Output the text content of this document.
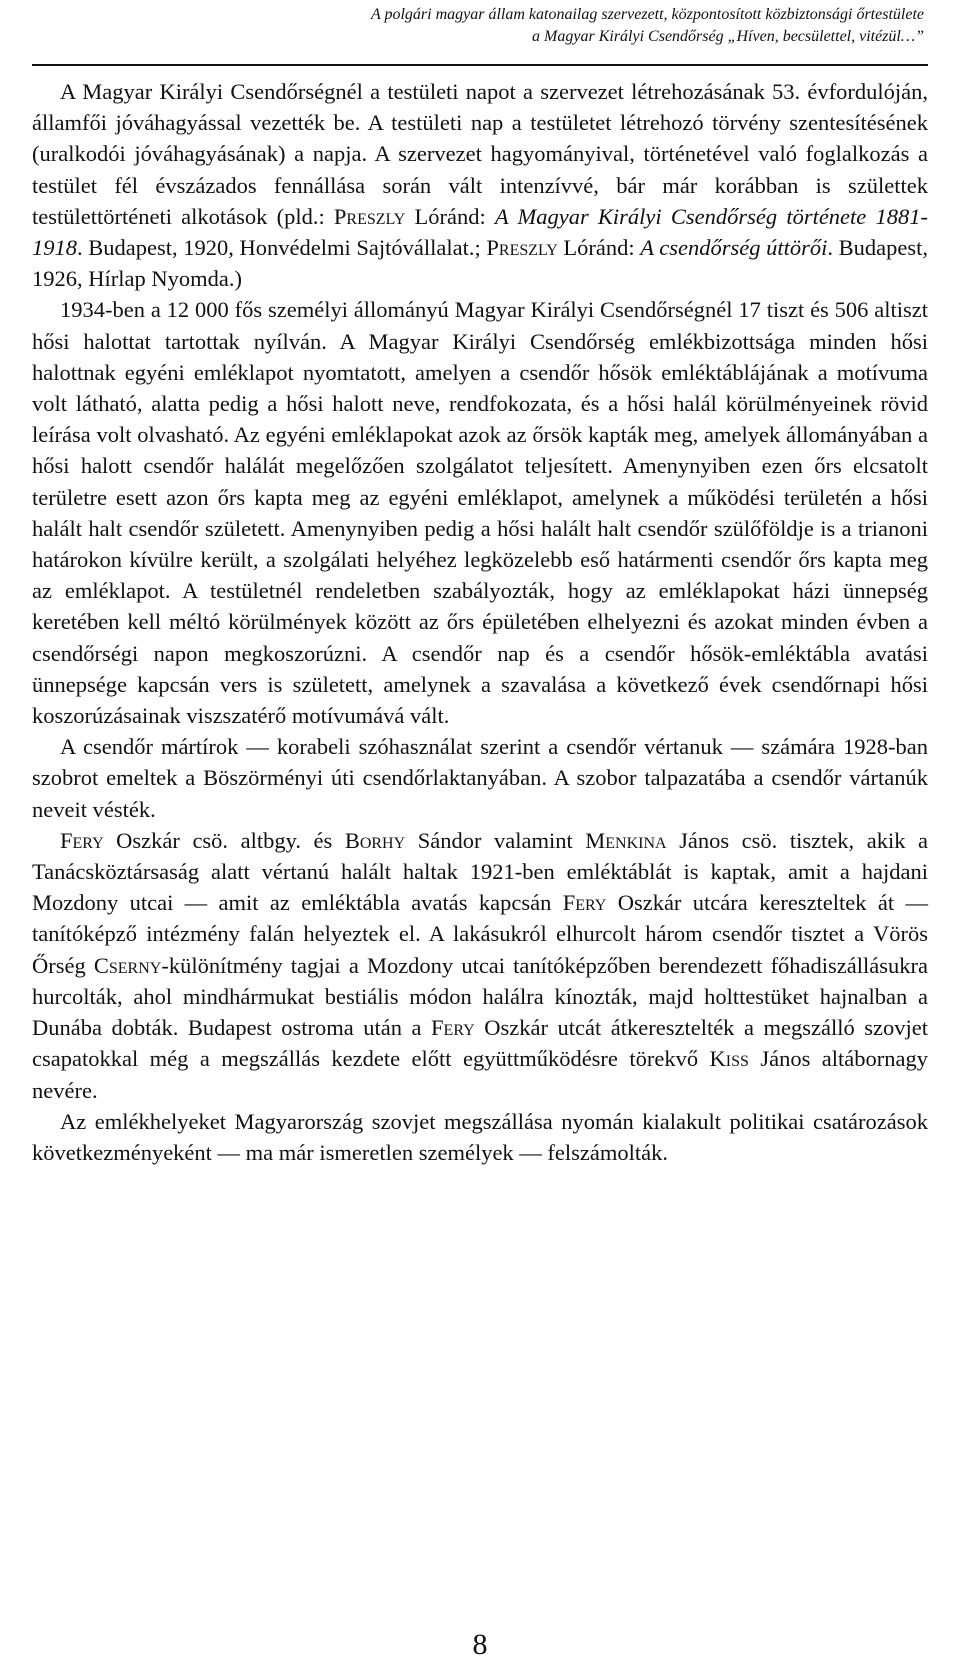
A polgári magyar állam katonailag szervezett, központosított közbiztonsági őrtestülete
a Magyar Királyi Csendőrség „Híven, becsülettel, vitézül…”

A Magyar Királyi Csendőrségnél a testületi napot a szervezet létrehozásának 53. évfordulóján, államfői jóváhagyással vezették be. A testületi nap a testületet létrehozó törvény szentesítésének (uralkodói jóváhagyásának) a napja. A szervezet hagyományival, történetével való foglalkozás a testület fél évszázados fennállása során vált intenzívvé, bár már korábban is születtek testülettörténeti alkotások (pld.: Preszly Lóránd: A Magyar Királyi Csendőrség története 1881-1918. Budapest, 1920, Honvédelmi Sajtóvállalat.; Preszly Lóránd: A csendőrség úttörői. Budapest, 1926, Hírlap Nyomda.)

1934-ben a 12 000 fős személyi állományú Magyar Királyi Csendőrségnél 17 tiszt és 506 altiszt hősi halottat tartottak nyílván. A Magyar Királyi Csendőrség emlékbizottsága minden hősi halottnak egyéni emléklapot nyomtatott, amelyen a csendőr hősök emléktáblájának a motívuma volt látható, alatta pedig a hősi halott neve, rendfokozata, és a hősi halál körülményeinek rövid leírása volt olvasható. Az egyéni emléklapokat azok az őrsök kapták meg, amelyek állományában a hősi halott csendőr halálát megelőzően szolgálatot teljesített. Amenynyiben ezen őrs elcsatolt területre esett azon őrs kapta meg az egyéni emléklapot, amelynek a működési területén a hősi halált halt csendőr született. Amenynyiben pedig a hősi halált halt csendőr szülőföldje is a trianoni határokon kívülre került, a szolgálati helyéhez legközelebb eső határmenti csendőr őrs kapta meg az emléklapot. A testületnél rendeletben szabályozták, hogy az emléklapokat házi ünnepség keretében kell méltó körülmények között az őrs épületében elhelyezni és azokat minden évben a csendőrségi napon megkoszorúzni. A csendőr nap és a csendőr hősök-emléktábla avatási ünnepsége kapcsán vers is született, amelynek a szavalása a következő évek csendőrnapi hősi koszorúzásainak viszszatérő motívumává vált.

A csendőr mártírok — korabeli szóhasználat szerint a csendőr vértanuk — számára 1928-ban szobrot emeltek a Böszörményi úti csendőrlaktanyában. A szobor talpazatába a csendőr vártanúk neveit vésték.

Fery Oszkár csö. altbgy. és Borhy Sándor valamint Menkina János csö. tisztek, akik a Tanácsköztársaság alatt vértanú halált haltak 1921-ben emléktáblát is kaptak, amit a hajdani Mozdony utcai — amit az emléktábla avatás kapcsán Fery Oszkár utcára kereszteltek át — tanítóképző intézmény falán helyeztek el. A lakásukról elhurcolt három csendőr tisztet a Vörös Őrség Cserny-különítmény tagjai a Mozdony utcai tanítóképzőben berendezett főhadiszállásukra hurcolták, ahol mindhármukat bestiális módon halálra kínozták, majd holttestüket hajnalban a Dunába dobták. Budapest ostroma után a Fery Oszkár utcát átkeresztelték a megszálló szovjet csapatokkal még a megszállás kezdete előtt együttműködésre törekvő Kiss János altábornagy nevére.

Az emlékhelyeket Magyarország szovjet megszállása nyomán kialakult politikai csatározások következményeként — ma már ismeretlen személyek — felszámolták.

8
